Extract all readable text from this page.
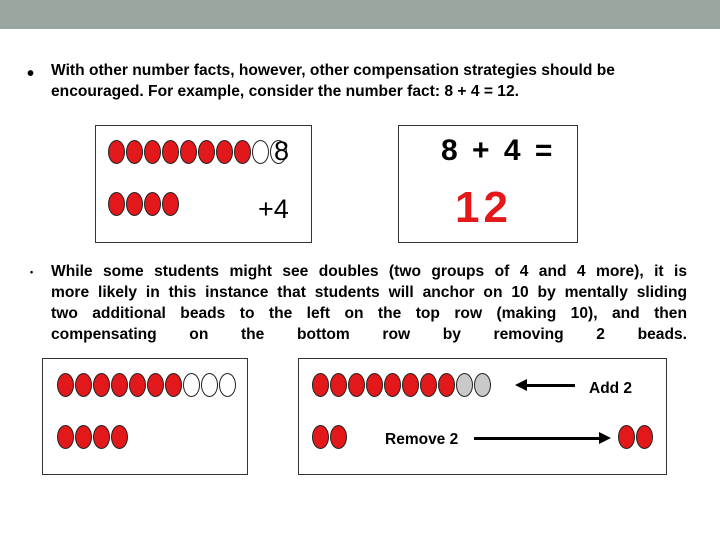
• With other number facts, however, other compensation strategies should be
encouraged. For example, consider the number fact: 8 + 4 = 12.

8
+4
8 + 4 =
12
• While some students might see doubles (two groups of 4 and 4 more), it is
more likely in this instance that students will anchor on 10 by mentally sliding
two additional beads to the left on the top row (making 10), and then
compensating on the bottom row by removing 2 beads.
Add 2
Remove 2
